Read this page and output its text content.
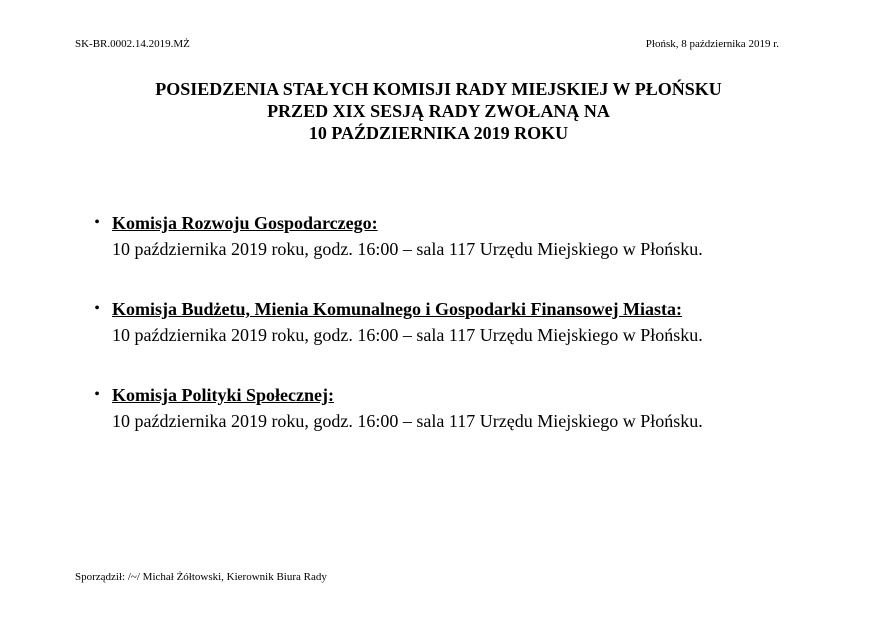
SK-BR.0002.14.2019.MŻ	Płońsk, 8 października 2019 r.
POSIEDZENIA STAŁYCH KOMISJI RADY MIEJSKIEJ W PŁOŃSKU
PRZED XIX SESJĄ RADY ZWOŁANĄ NA
10 PAŹDZIERNIKA 2019 ROKU
• Komisja Rozwoju Gospodarczego:
10 października 2019 roku, godz. 16:00 – sala 117 Urzędu Miejskiego w Płońsku.
• Komisja Budżetu, Mienia Komunalnego i Gospodarki Finansowej Miasta:
10 października 2019 roku, godz. 16:00 – sala 117 Urzędu Miejskiego w Płońsku.
• Komisja Polityki Społecznej:
10 października 2019 roku, godz. 16:00 – sala 117 Urzędu Miejskiego w Płońsku.
Sporządził: /~/ Michał Żółtowski, Kierownik Biura Rady
